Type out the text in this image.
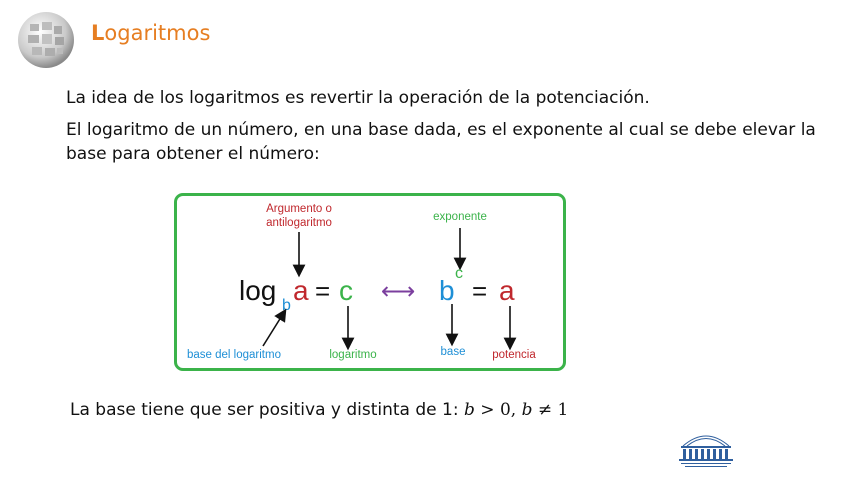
Logaritmos
La idea de los logaritmos es revertir la operación de la potenciación.
El logaritmo de un número, en una base dada, es el exponente al cual se debe elevar la base para obtener el número:
Argumento o
antilogaritmo	exponente
log b a = c ⟷ b
c
= a
base del logaritmo	logaritmo	base potencia
La base tiene que ser positiva y distinta de 1: b > 0, b ≠ 1
